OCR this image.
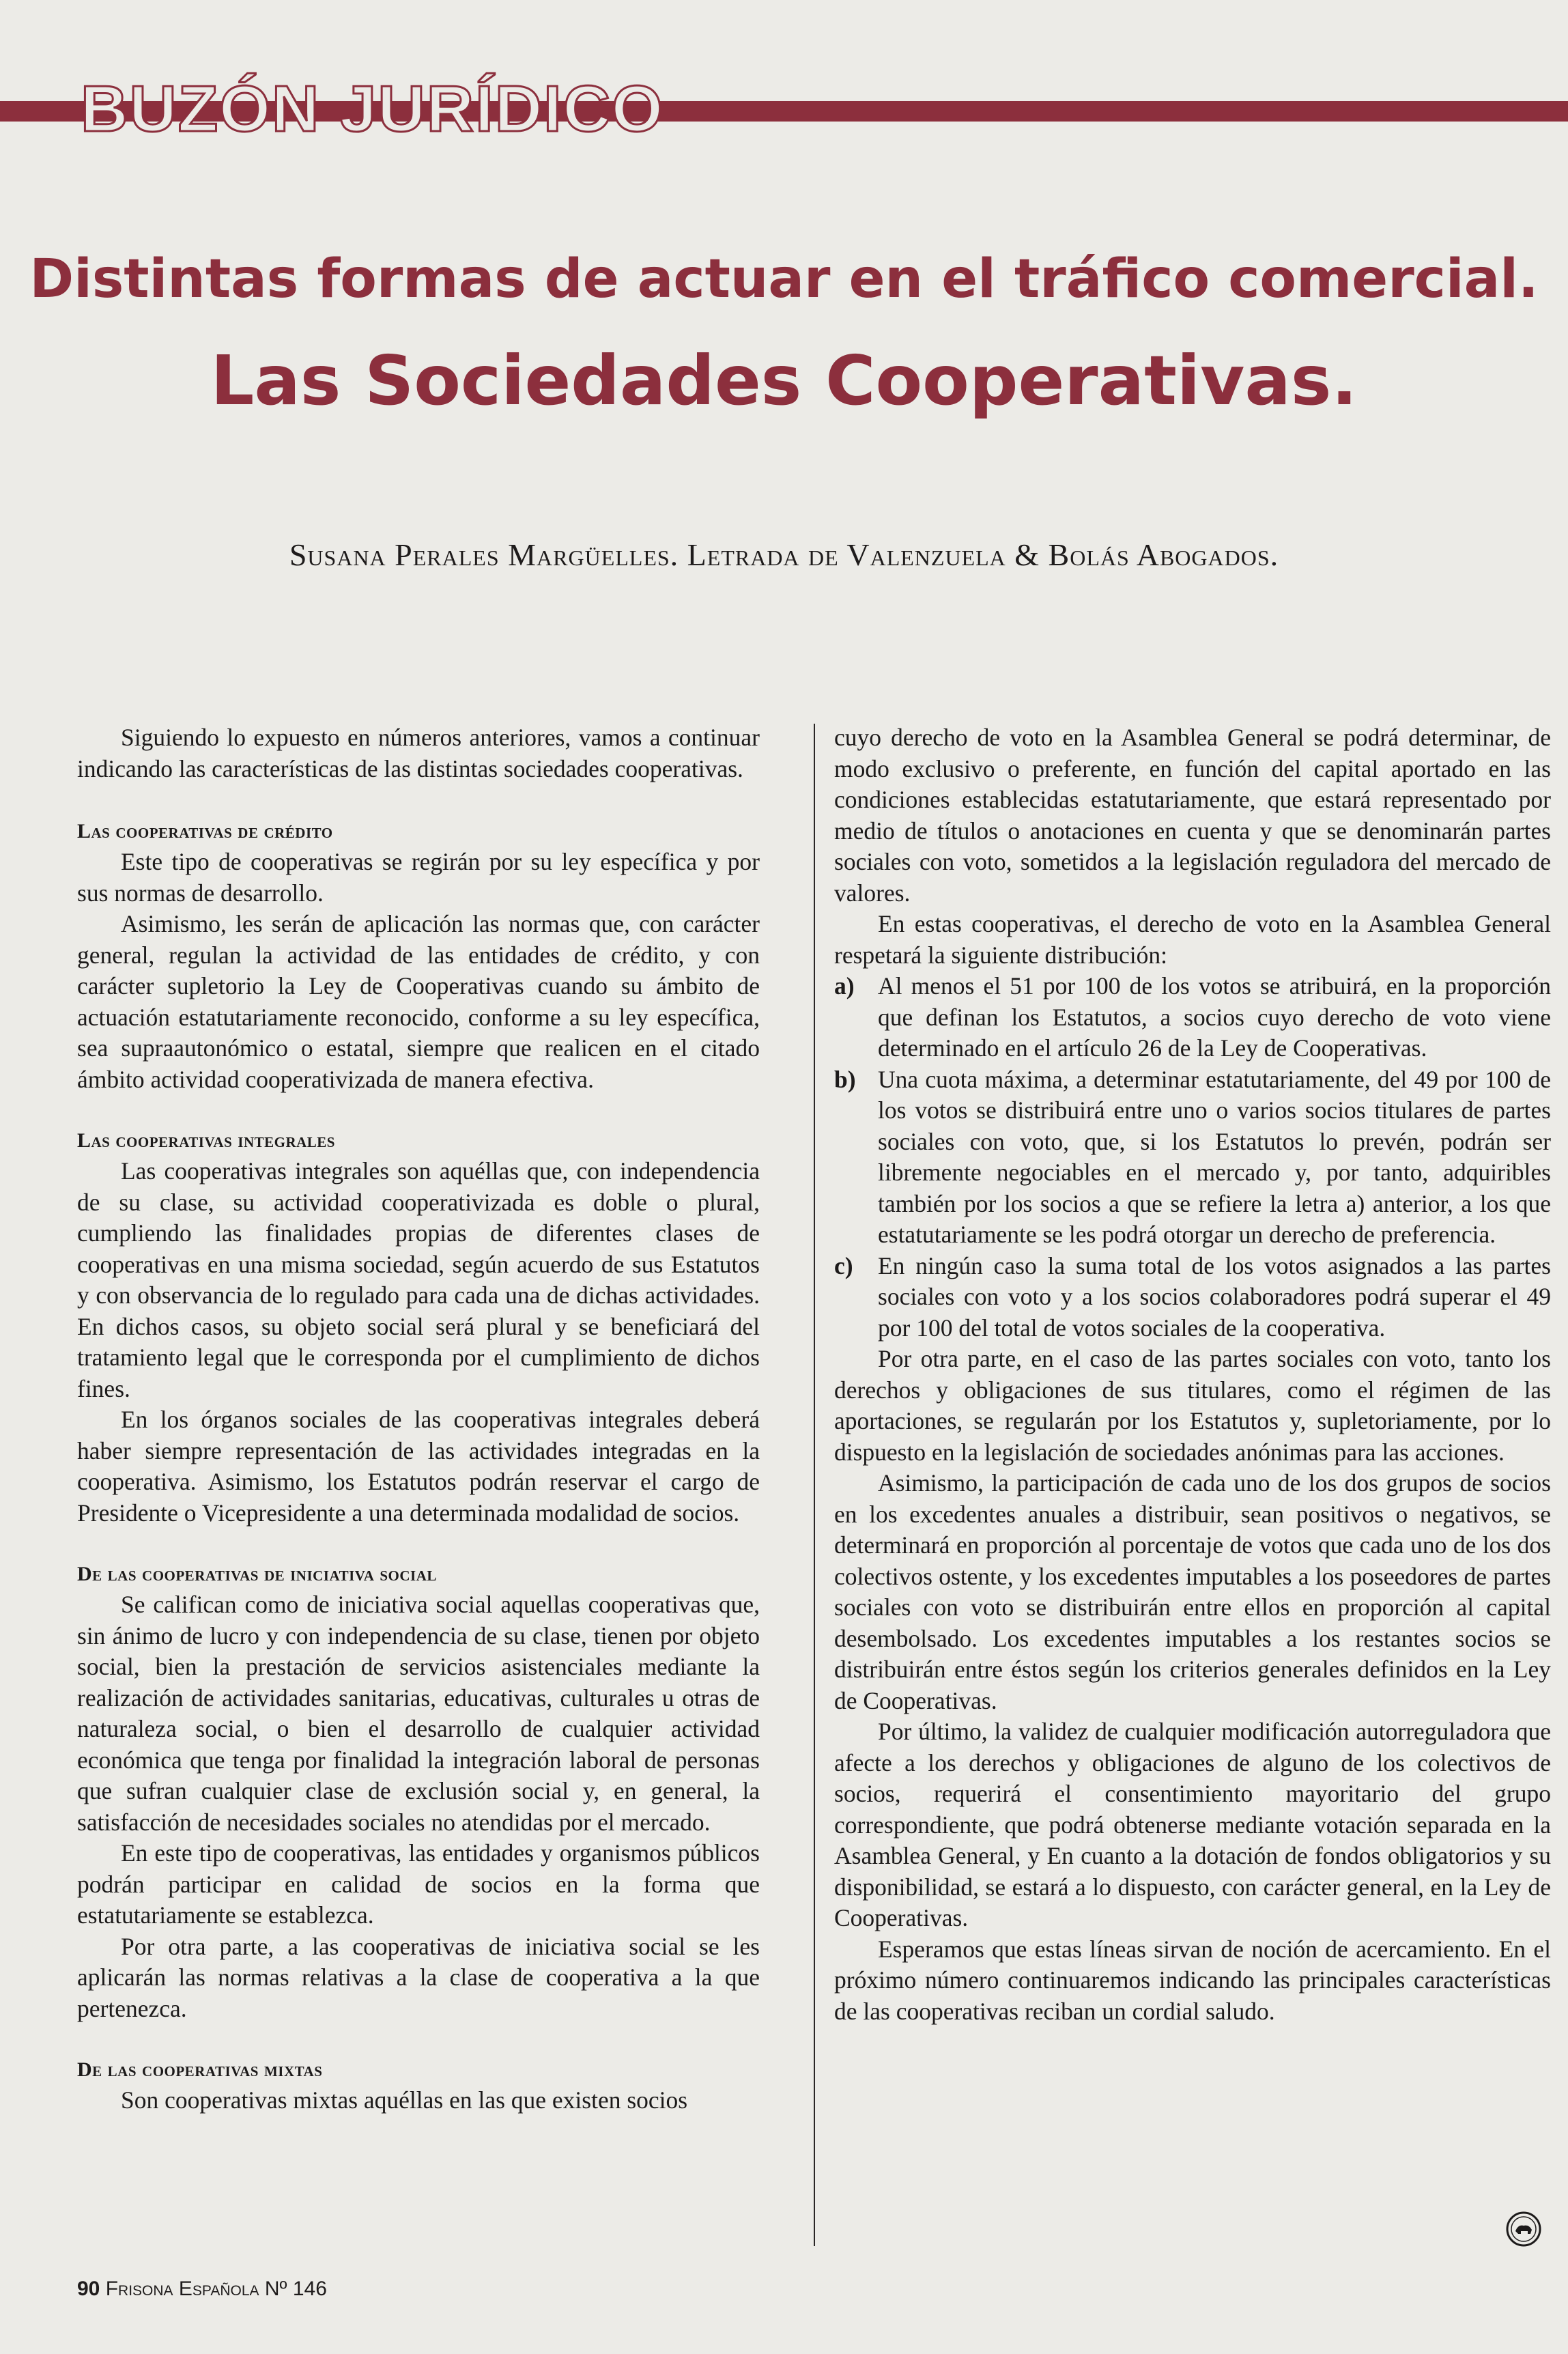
BUZÓN JURÍDICO
Distintas formas de actuar en el tráfico comercial.
Las Sociedades Cooperativas.
Susana Perales Margüelles. Letrada de Valenzuela & Bolás Abogados.

Siguiendo lo expuesto en números anteriores, vamos a continuar indicando las características de las distintas sociedades cooperativas.

Las cooperativas de crédito

Este tipo de cooperativas se regirán por su ley específica y por sus normas de desarrollo.

Asimismo, les serán de aplicación las normas que, con carácter general, regulan la actividad de las entidades de crédito, y con carácter supletorio la Ley de Cooperativas cuando su ámbito de actuación estatutariamente reconocido, conforme a su ley específica, sea supraautonómico o estatal, siempre que realicen en el citado ámbito actividad cooperativizada de manera efectiva.

Las cooperativas integrales

Las cooperativas integrales son aquéllas que, con independencia de su clase, su actividad cooperativizada es doble o plural, cumpliendo las finalidades propias de diferentes clases de cooperativas en una misma sociedad, según acuerdo de sus Estatutos y con observancia de lo regulado para cada una de dichas actividades. En dichos casos, su objeto social será plural y se beneficiará del tratamiento legal que le corresponda por el cumplimiento de dichos fines.

En los órganos sociales de las cooperativas integrales deberá haber siempre representación de las actividades integradas en la cooperativa. Asimismo, los Estatutos podrán reservar el cargo de Presidente o Vicepresidente a una determinada modalidad de socios.

De las cooperativas de iniciativa social

Se califican como de iniciativa social aquellas cooperativas que, sin ánimo de lucro y con independencia de su clase, tienen por objeto social, bien la prestación de servicios asistenciales mediante la realización de actividades sanitarias, educativas, culturales u otras de naturaleza social, o bien el desarrollo de cualquier actividad económica que tenga por finalidad la integración laboral de personas que sufran cualquier clase de exclusión social y, en general, la satisfacción de necesidades sociales no atendidas por el mercado.

En este tipo de cooperativas, las entidades y organismos públicos podrán participar en calidad de socios en la forma que estatutariamente se establezca.

Por otra parte, a las cooperativas de iniciativa social se les aplicarán las normas relativas a la clase de cooperativa a la que pertenezca.

De las cooperativas mixtas

Son cooperativas mixtas aquéllas en las que existen socios

cuyo derecho de voto en la Asamblea General se podrá determinar, de modo exclusivo o preferente, en función del capital aportado en las condiciones establecidas estatutariamente, que estará representado por medio de títulos o anotaciones en cuenta y que se denominarán partes sociales con voto, sometidos a la legislación reguladora del mercado de valores.

En estas cooperativas, el derecho de voto en la Asamblea General respetará la siguiente distribución:

a) Al menos el 51 por 100 de los votos se atribuirá, en la proporción que definan los Estatutos, a socios cuyo derecho de voto viene determinado en el artículo 26 de la Ley de Cooperativas.
b) Una cuota máxima, a determinar estatutariamente, del 49 por 100 de los votos se distribuirá entre uno o varios socios titulares de partes sociales con voto, que, si los Estatutos lo prevén, podrán ser libremente negociables en el mercado y, por tanto, adquiribles también por los socios a que se refiere la letra a) anterior, a los que estatutariamente se les podrá otorgar un derecho de preferencia.
c) En ningún caso la suma total de los votos asignados a las partes sociales con voto y a los socios colaboradores podrá superar el 49 por 100 del total de votos sociales de la cooperativa.

Por otra parte, en el caso de las partes sociales con voto, tanto los derechos y obligaciones de sus titulares, como el régimen de las aportaciones, se regularán por los Estatutos y, supletoriamente, por lo dispuesto en la legislación de sociedades anónimas para las acciones.

Asimismo, la participación de cada uno de los dos grupos de socios en los excedentes anuales a distribuir, sean positivos o negativos, se determinará en proporción al porcentaje de votos que cada uno de los dos colectivos ostente, y los excedentes imputables a los poseedores de partes sociales con voto se distribuirán entre ellos en proporción al capital desembolsado. Los excedentes imputables a los restantes socios se distribuirán entre éstos según los criterios generales definidos en la Ley de Cooperativas.

Por último, la validez de cualquier modificación autorreguladora que afecte a los derechos y obligaciones de alguno de los colectivos de socios, requerirá el consentimiento mayoritario del grupo correspondiente, que podrá obtenerse mediante votación separada en la Asamblea General, y En cuanto a la dotación de fondos obligatorios y su disponibilidad, se estará a lo dispuesto, con carácter general, en la Ley de Cooperativas.

Esperamos que estas líneas sirvan de noción de acercamiento. En el próximo número continuaremos indicando las principales características de las cooperativas reciban un cordial saludo.

90 Frisona Española Nº 146
